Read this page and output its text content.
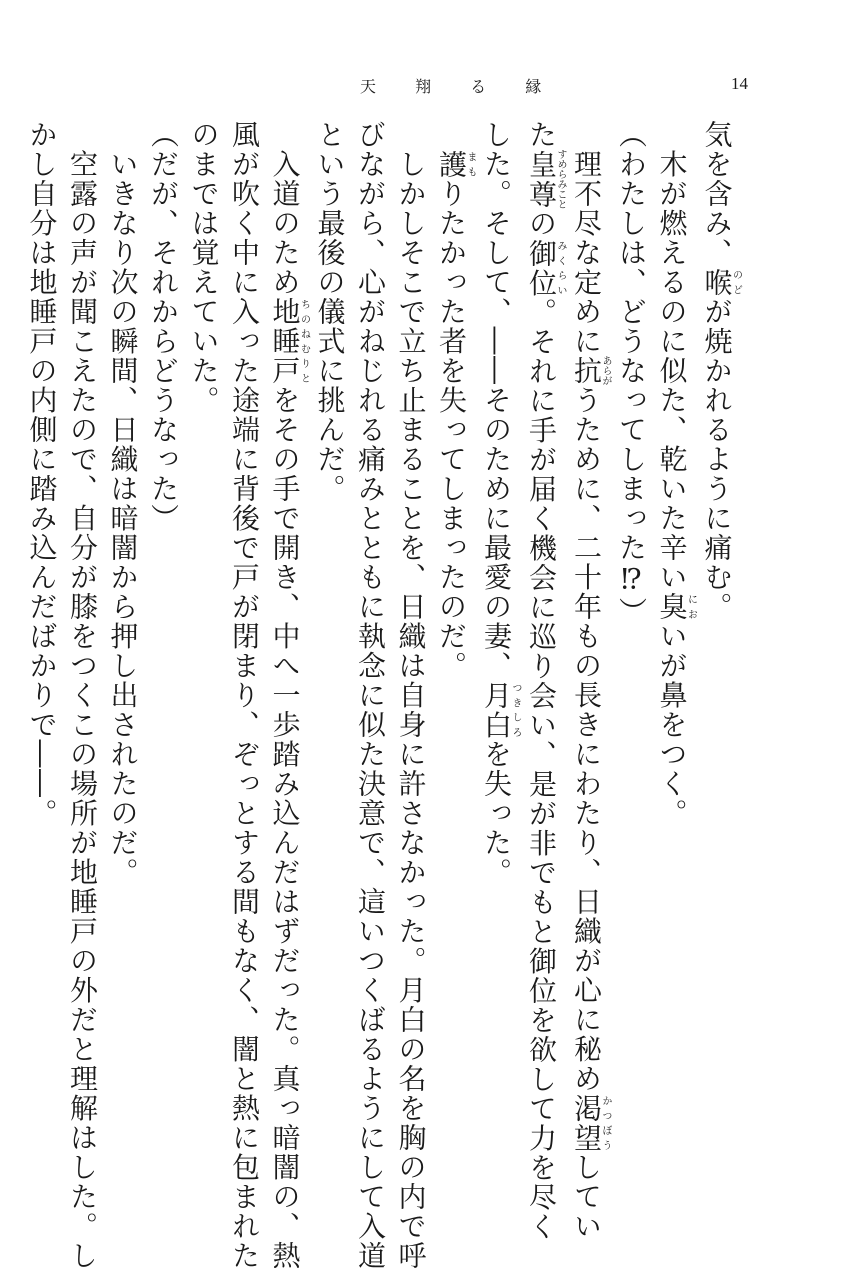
天 翔 る 縁	14

気を含み、喉のどが焼かれるように痛む。

　木が燃えるのに似た、乾いた辛い臭においが鼻をつく。

（わたしは、どうなってしまった⁉）

　理不尽な定めに抗あらがうために、二十年もの長きにわたり、日織が心に秘め渇望かつぼうしてい

た皇尊すめらみことの御位みくらい。それに手が届く機会に巡り会い、是が非でもと御位を欲して力を尽く

した。そして、――そのために最愛の妻、月白つきしろを失った。

　護まもりたかった者を失ってしまったのだ。

　しかしそこで立ち止まることを、日織は自身に許さなかった。月白の名を胸の内で呼

びながら、心がねじれる痛みとともに執念に似た決意で、這いつくばるようにして入道

という最後の儀式に挑んだ。

　入道のため地睡戸ちのねむりとをその手で開き、中へ一歩踏み込んだはずだった。真っ暗闇の、熱

風が吹く中に入った途端に背後で戸が閉まり、ぞっとする間もなく、闇と熱に包まれた

のまでは覚えていた。

（だが、それからどうなった）

　いきなり次の瞬間、日織は暗闇から押し出されたのだ。

　空露の声が聞こえたので、自分が膝をつくこの場所が地睡戸の外だと理解はした。し

かし自分は地睡戸の内側に踏み込んだばかりで――。
